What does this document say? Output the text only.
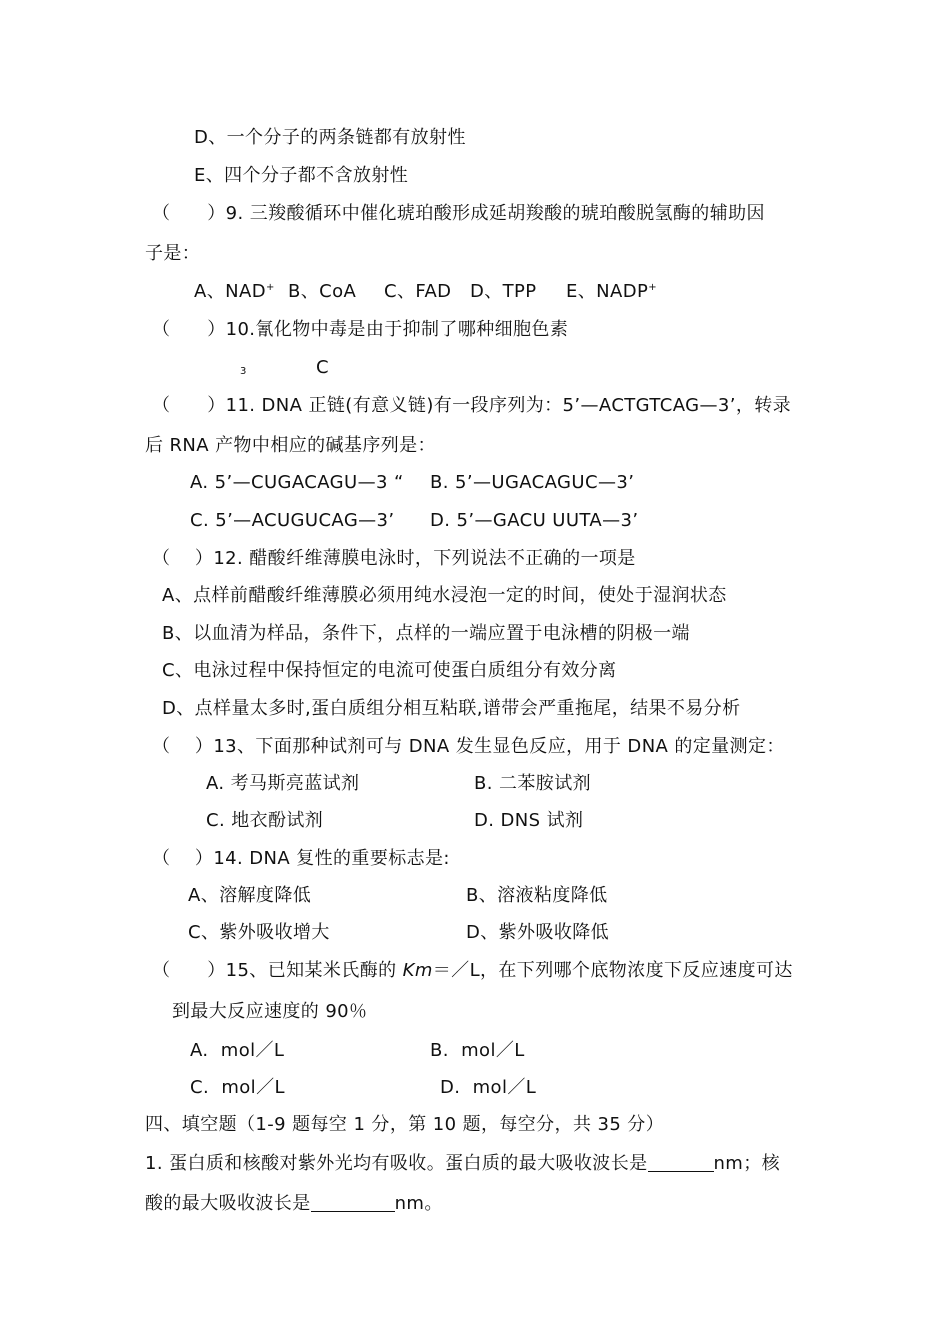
D、一个分子的两条链都有放射性
E、四个分子都不含放射性
（　　）9. 三羧酸循环中催化琥珀酸形成延胡羧酸的琥珀酸脱氢酶的辅助因
子是：
A、NAD+ B、CoA C、FAD D、TPP E、NADP+
（　　）10.氰化物中毒是由于抑制了哪种细胞色素
3	C
（　　）11. DNA 正链(有意义链)有一段序列为：5’—ACTGTCAG—3’，转录
后 RNA 产物中相应的碱基序列是：
A. 5’—CUGACAGU—3 “ B. 5’—UGACAGUC—3’
C. 5’—ACUGUCAG—3’ D. 5’—GACU UUTA—3’
（　 ）12. 醋酸纤维薄膜电泳时，下列说法不正确的一项是
A、点样前醋酸纤维薄膜必须用纯水浸泡一定的时间，使处于湿润状态
B、以血清为样品，条件下，点样的一端应置于电泳槽的阴极一端
C、电泳过程中保持恒定的电流可使蛋白质组分有效分离
D、点样量太多时,蛋白质组分相互粘联,谱带会严重拖尾，结果不易分析
（　 ）13、下面那种试剂可与 DNA 发生显色反应，用于 DNA 的定量测定：
A. 考马斯亮蓝试剂	B. 二苯胺试剂
C. 地衣酚试剂	D. DNS 试剂
（　 ）14. DNA 复性的重要标志是:
A、溶解度降低	B、溶液粘度降低
C、紫外吸收增大	D、紫外吸收降低
（　　）15、已知某米氏酶的 Km＝／L，在下列哪个底物浓度下反应速度可达
到最大反应速度的 90％
A.  mol／L	B.  mol／L
C.  mol／L	D.  mol／L
四、填空题（1-9 题每空 1 分，第 10 题，每空分，共 35 分）
1. 蛋白质和核酸对紫外光均有吸收。蛋白质的最大吸收波长是	nm；核
酸的最大吸收波长是	nm。
